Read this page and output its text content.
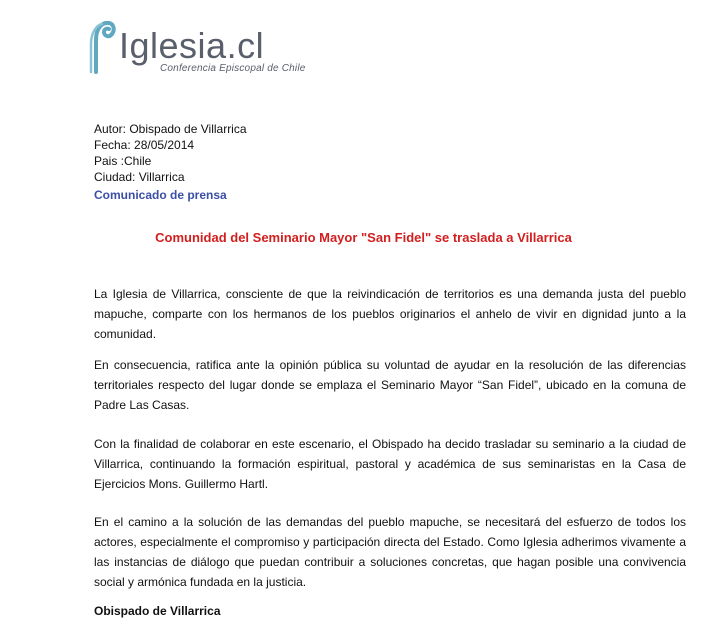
Iglesia.cl
Conferencia Episcopal de Chile
Autor: Obispado de Villarrica
Fecha: 28/05/2014
Pais :Chile
Ciudad: Villarrica
Comunicado de prensa
Comunidad del Seminario Mayor "San Fidel" se traslada a Villarrica
La Iglesia de Villarrica, consciente de que la reivindicación de territorios es una demanda justa del pueblo mapuche, comparte con los hermanos de los pueblos originarios el anhelo de vivir en dignidad junto a la comunidad.
En consecuencia, ratifica ante la opinión pública su voluntad de ayudar en la resolución de las diferencias territoriales respecto del lugar donde se emplaza el Seminario Mayor “San Fidel”, ubicado en la comuna de Padre Las Casas.
Con la finalidad de colaborar en este escenario, el Obispado ha decido trasladar su seminario a la ciudad de Villarrica, continuando la formación espiritual, pastoral y académica de sus seminaristas en la Casa de Ejercicios Mons. Guillermo Hartl.
En el camino a la solución de las demandas del pueblo mapuche, se necesitará del esfuerzo de todos los actores, especialmente el compromiso y participación directa del Estado. Como Iglesia adherimos vivamente a las instancias de diálogo que puedan contribuir a soluciones concretas, que hagan posible una convivencia social y armónica fundada en la justicia.
Obispado de Villarrica
